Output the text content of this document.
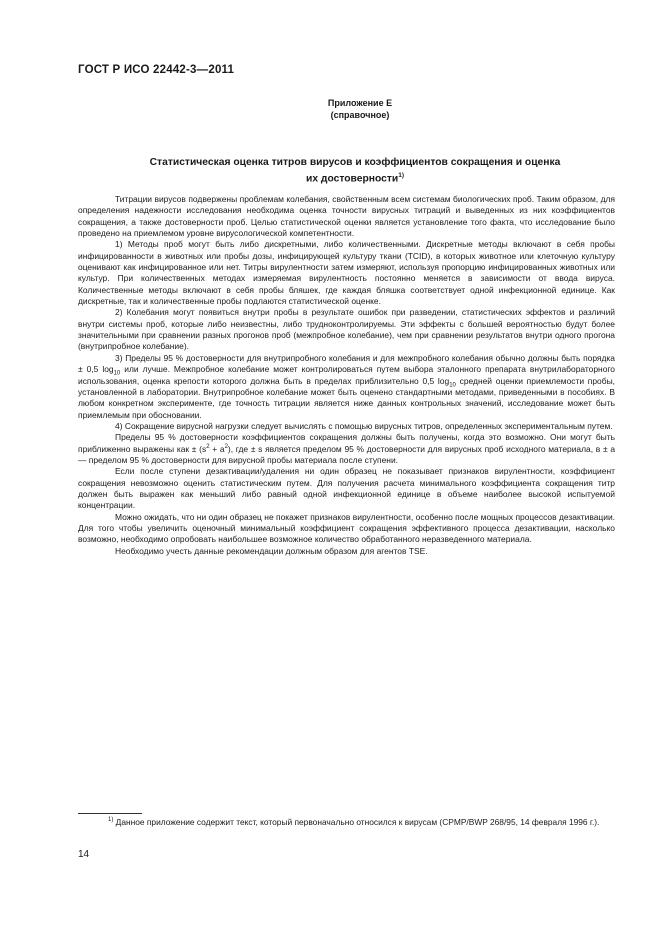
ГОСТ Р ИСО 22442-3—2011
Приложение Е
(справочное)
Статистическая оценка титров вирусов и коэффициентов сокращения и оценка
их достоверности$^{1)}$

Титрации вирусов подвержены проблемам колебания, свойственным всем системам биологических проб. Таким образом, для определения надежности исследования необходима оценка точности вирусных титраций и выведенных из них коэффициентов сокращения, а также достоверности проб. Целью статистической оценки является установление того факта, что исследование было проведено на приемлемом уровне вирусологической компетентности.

1) Методы проб могут быть либо дискретными, либо количественными. Дискретные методы включают в себя пробы инфицированности в животных или пробы дозы, инфицирующей культуру ткани (TCID), в которых животное или клеточную культуру оценивают как инфицированное или нет. Титры вирулентности затем измеряют, используя пропорцию инфицированных животных или культур. При количественных методах измеряемая вирулентность постоянно меняется в зависимости от ввода вируса. Количественные методы включают в себя пробы бляшек, где каждая бляшка соответствует одной инфекционной единице. Как дискретные, так и количественные пробы подлаются статистической оценке.

2) Колебания могут появиться внутри пробы в результате ошибок при разведении, статистических эффектов и различий внутри системы проб, которые либо неизвестны, либо трудноконтролируемы. Эти эффекты с большей вероятностью будут более значительными при сравнении разных прогонов проб (межпробное колебание), чем при сравнении результатов внутри одного прогона (внутрипробное колебание).

3) Пределы 95 % достоверности для внутрипробного колебания и для межпробного колебания обычно должны быть порядка ± 0,5 $\log_{10}$ или лучше. Межпробное колебание может контролироваться путем выбора эталонного препарата внутрилабораторного использования, оценка крепости которого должна быть в пределах приблизительно 0,5 $\log_{10}$ средней оценки приемлемости пробы, установленной в лаборатории. Внутрипробное колебание может быть оценено стандартными методами, приведенными в пособиях. В любом конкретном эксперименте, где точность титрации является ниже данных контрольных значений, исследование может быть приемлемым при обосновании.

4) Сокращение вирусной нагрузки следует вычислять с помощью вирусных титров, определенных экспериментальным путем.

Пределы 95 % достоверности коэффициентов сокращения должны быть получены, когда это возможно. Они могут быть приближенно выражены как ± $(s^2 + a^2)$, где ± s является пределом 95 % достоверности для вирусных проб исходного материала, в ± a — пределом 95 % достоверности для вирусной пробы материала после ступени.

Если после ступени дезактивации/удаления ни один образец не показывает признаков вирулентности, коэффициент сокращения невозможно оценить статистическим путем. Для получения расчета минимального коэффициента сокращения титр должен быть выражен как меньший либо равный одной инфекционной единице в объеме наиболее высокой испытуемой концентрации.

Можно ожидать, что ни один образец не покажет признаков вирулентности, особенно после мощных процессов дезактивации. Для того чтобы увеличить оценочный минимальный коэффициент сокращения эффективного процесса дезактивации, насколько возможно, необходимо опробовать наибольшее возможное количество обработанного неразведенного материала.

Необходимо учесть данные рекомендации должным образом для агентов TSE.

$^{1)}$ Данное приложение содержит текст, который первоначально относился к вирусам (CPMP/BWP 268/95, 14 февраля 1996 г.).

14
